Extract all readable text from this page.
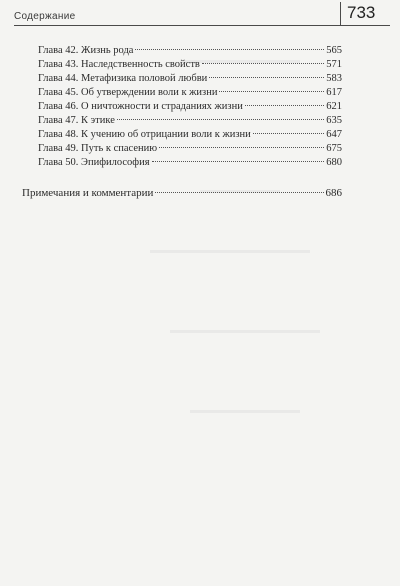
Содержание	733
Глава 42. Жизнь рода	565
Глава 43. Наследственность свойств	571
Глава 44. Метафизика половой любви	583
Глава 45. Об утверждении воли к жизни	617
Глава 46. О ничтожности и страданиях жизни	621
Глава 47. К этике	635
Глава 48. К учению об отрицании воли к жизни	647
Глава 49. Путь к спасению	675
Глава 50. Эпифилософия	680
Примечания и комментарии	686
